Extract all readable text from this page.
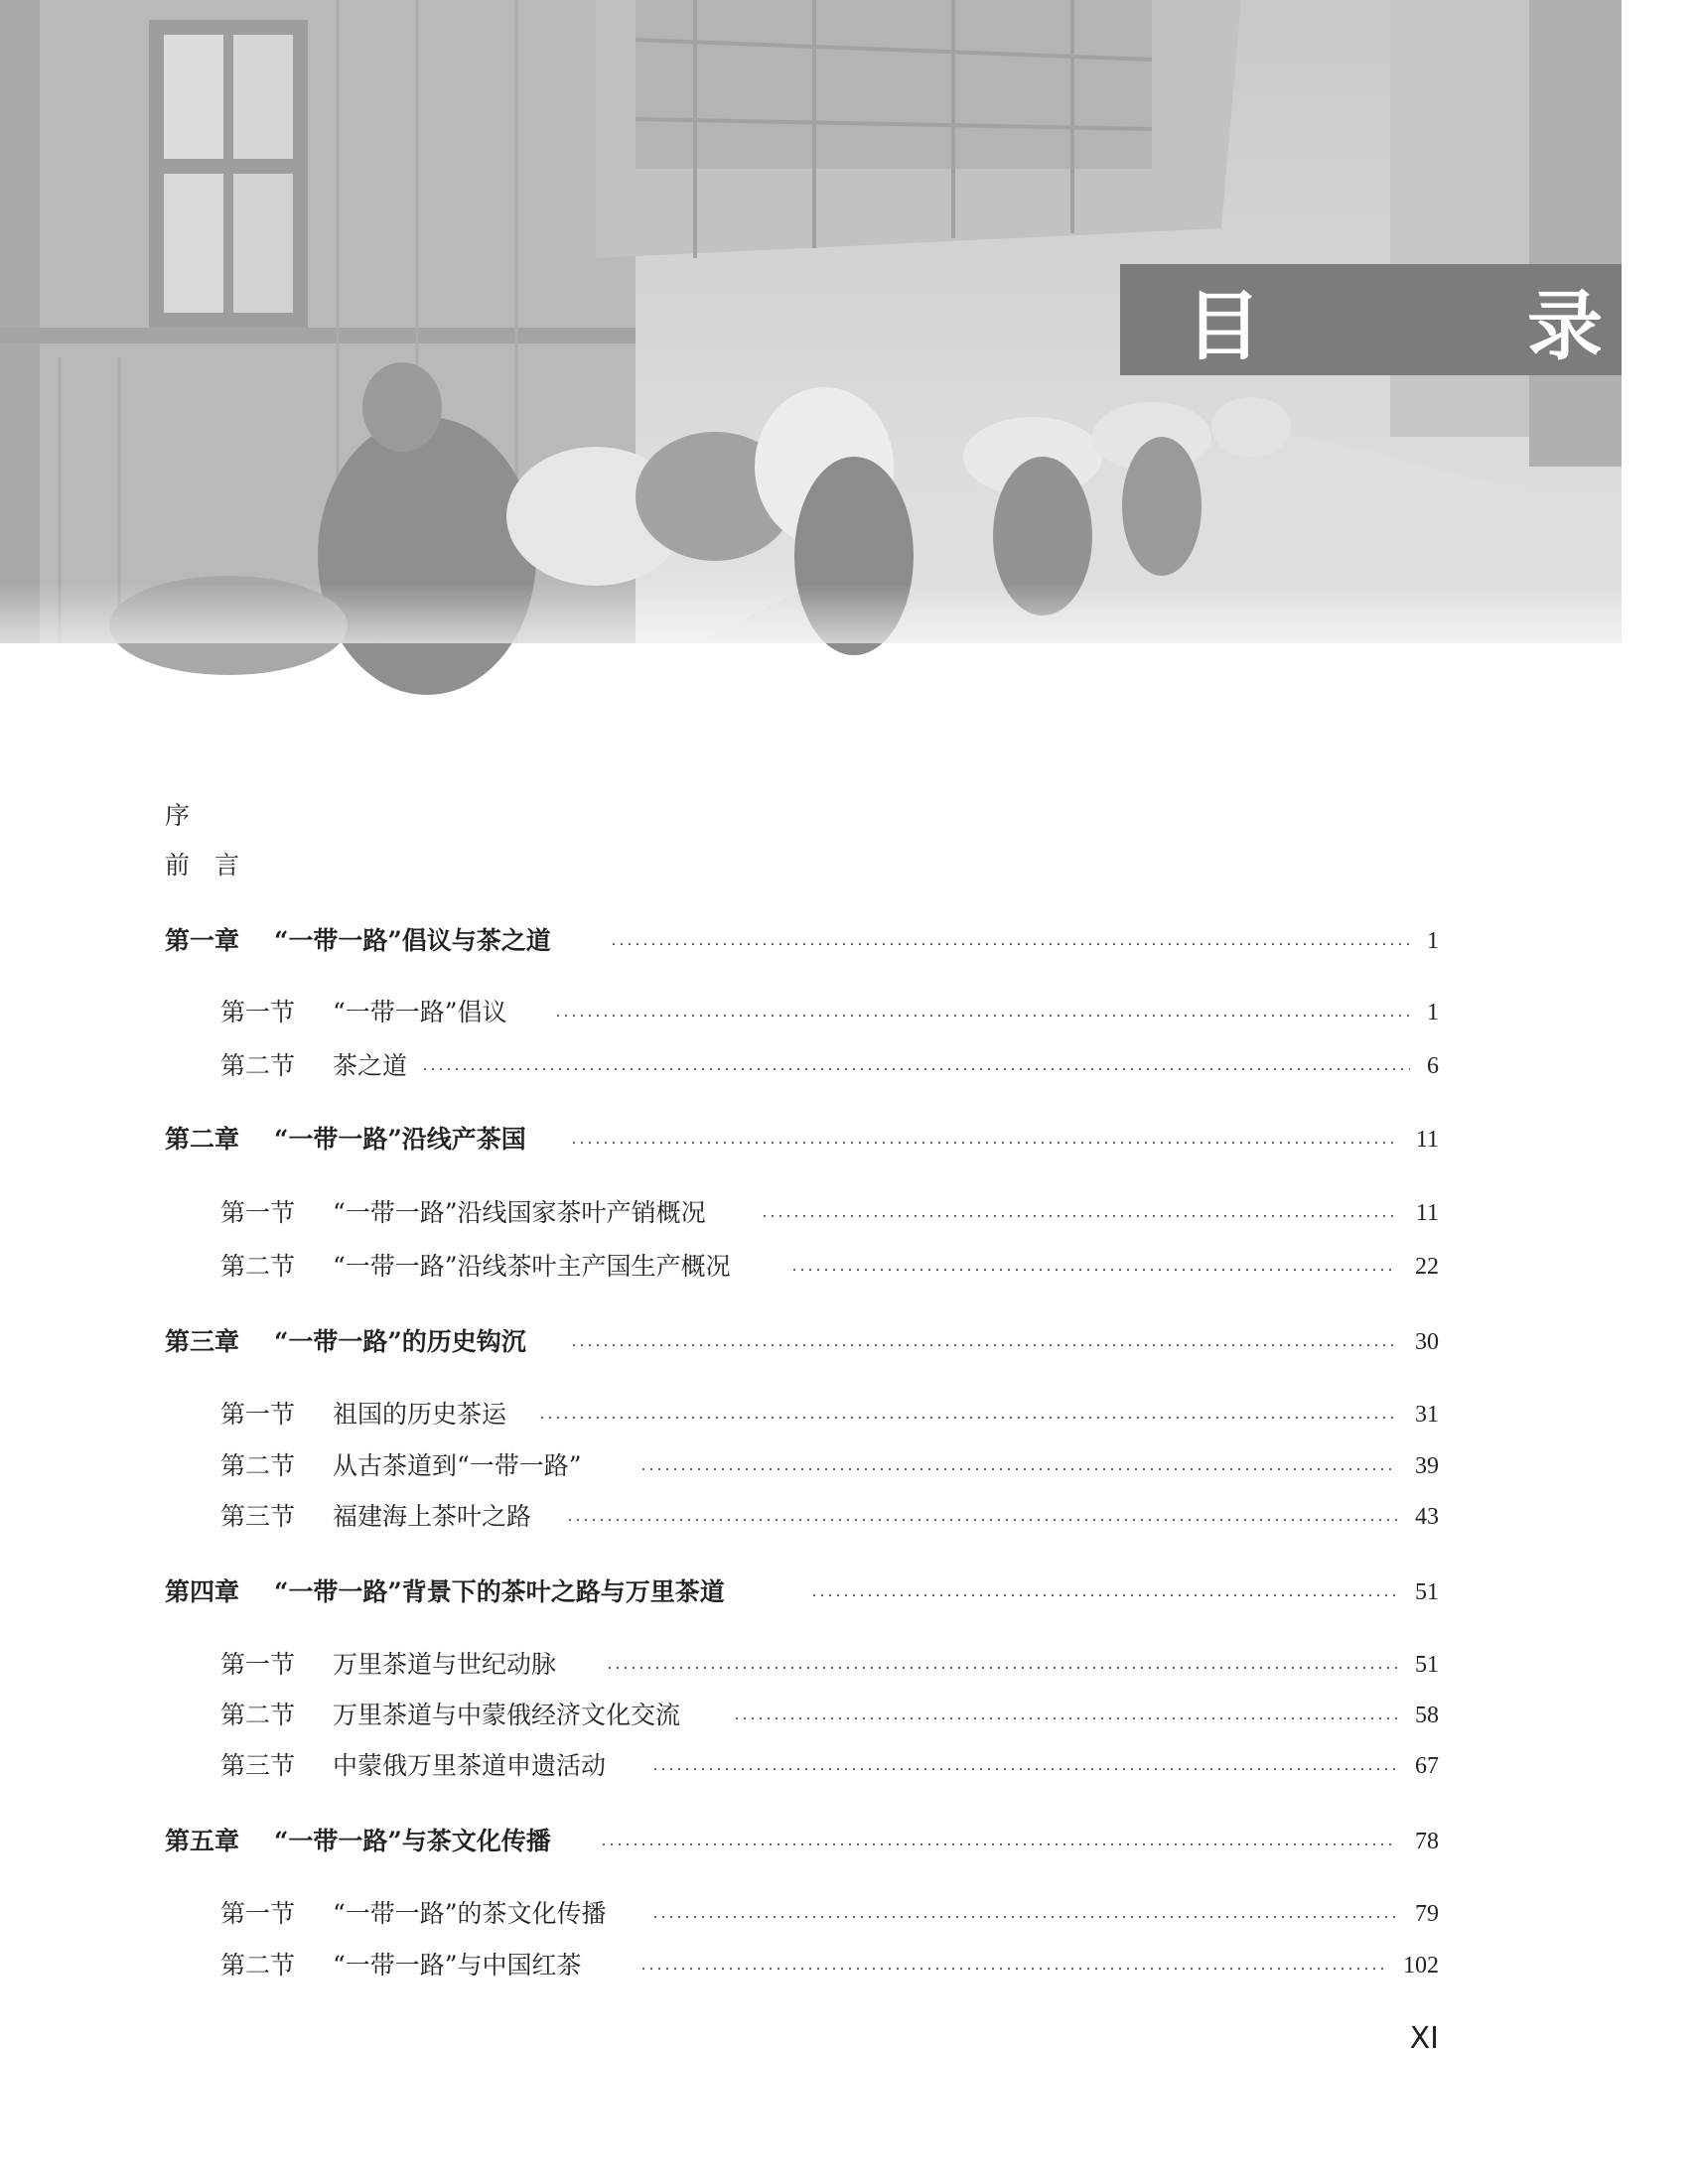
目　录
序
前　言
第一章 “一带一路”倡议与茶之道	1
第一节 “一带一路”倡议	1
第二节 茶之道	6
第二章 “一带一路”沿线产茶国	11
第一节 “一带一路”沿线国家茶叶产销概况	11
第二节 “一带一路”沿线茶叶主产国生产概况	22
第三章 “一带一路”的历史钩沉	30
第一节 祖国的历史茶运	31
第二节 从古茶道到“一带一路”	39
第三节 福建海上茶叶之路	43
第四章 “一带一路”背景下的茶叶之路与万里茶道	51
第一节 万里茶道与世纪动脉	51
第二节 万里茶道与中蒙俄经济文化交流	58
第三节 中蒙俄万里茶道申遗活动	67
第五章 “一带一路”与茶文化传播	78
第一节 “一带一路”的茶文化传播	79
第二节 “一带一路”与中国红茶	102
XI
